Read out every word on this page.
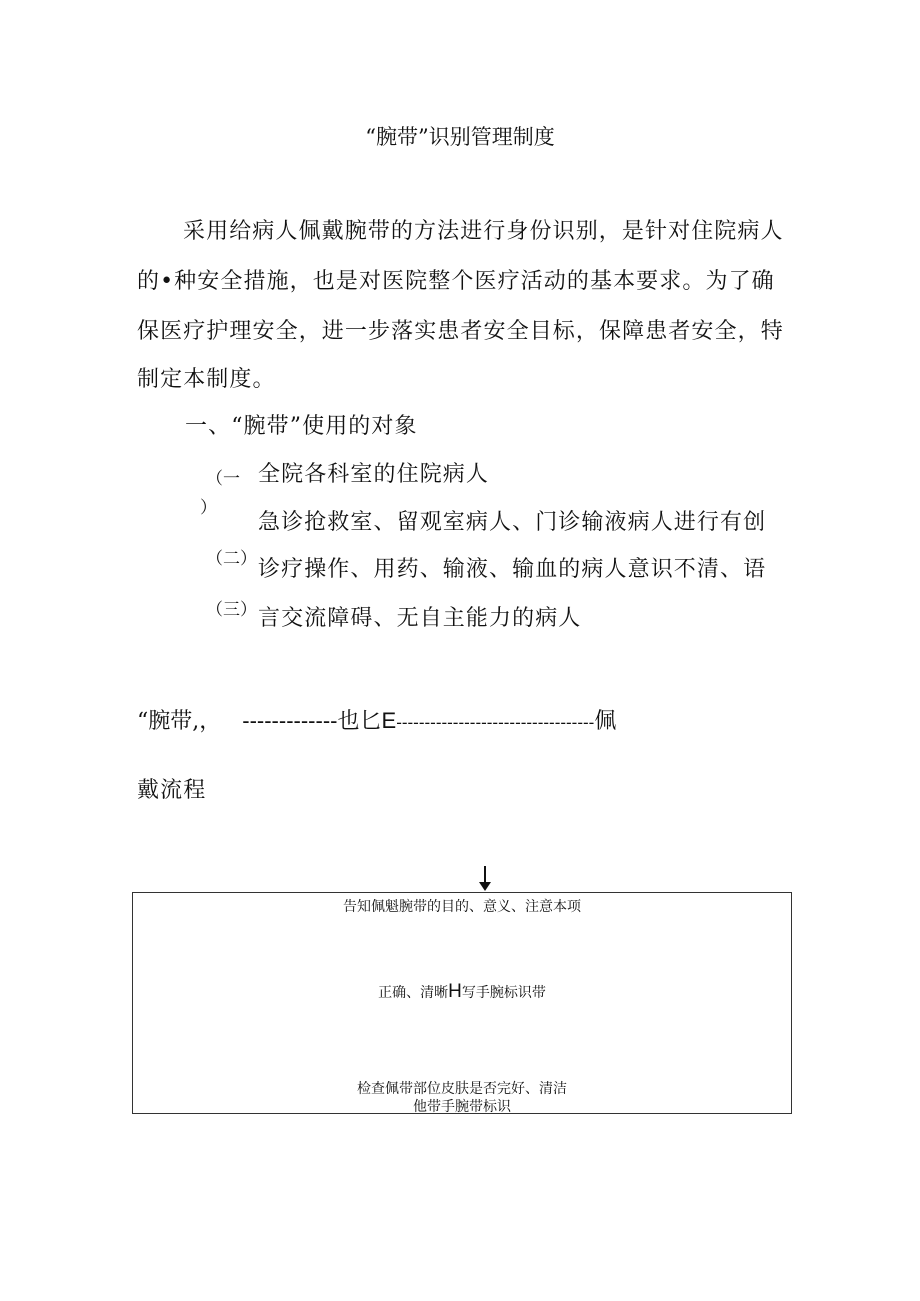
“腕带”识别管理制度
采用给病人佩戴腕带的方法进行身份识别，是针对住院病人
的•种安全措施，也是对医院整个医疗活动的基本要求。为了确
保医疗护理安全，进一步落实患者安全目标，保障患者安全，特
制定本制度。
一、“腕带”使用的对象
（一
）
（二）
（三）
全院各科室的住院病人
急诊抢救室、留观室病人、门诊输液病人进行有创
诊疗操作、用药、输液、输血的病人意识不清、语
言交流障碍、无自主能力的病人
“腕带,， -------------也匕E-----------------------------------佩
戴流程
告知佩魁腕带的目的、意义、注意本项
正确、清晰H写手腕标识带
检查佩带部位皮肤是否完好、清洁
他带手腕带标识
